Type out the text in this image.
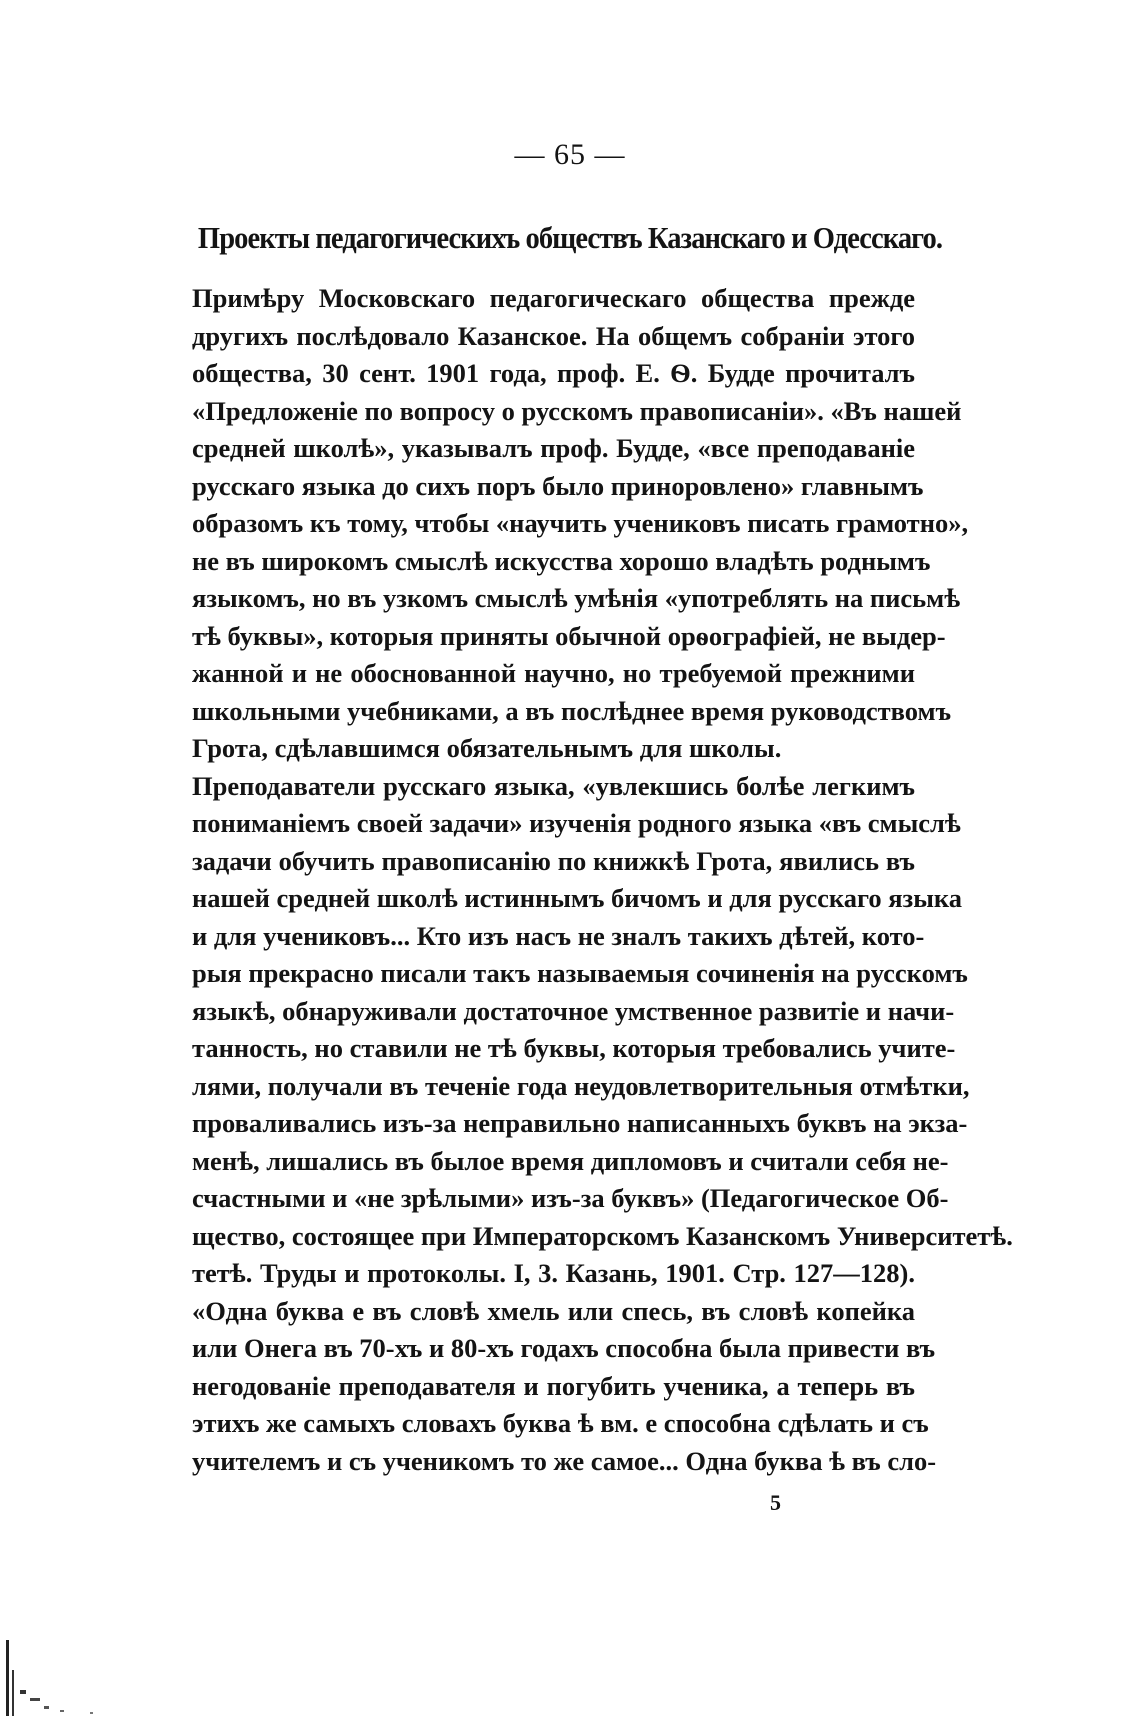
— 65 —
Проекты педагогическихъ обществъ Казанскаго и Одесскаго.

Примѣру Московскаго педагогическаго общества прежде
другихъ послѣдовало Казанское. На общемъ собраніи этого
общества, 30 сент. 1901 года, проф. Е. Ѳ. Будде прочиталъ
«Предложеніе по вопросу о русскомъ правописаніи». «Въ нашей
средней школѣ», указывалъ проф. Будде, «все преподаваніе
русскаго языка до сихъ поръ было приноровлено» главнымъ
образомъ къ тому, чтобы «научить учениковъ писать грамотно»,
не въ широкомъ смыслѣ искусства хорошо владѣть роднымъ
языкомъ, но въ узкомъ смыслѣ умѣнія «употреблять на письмѣ
тѣ буквы», которыя приняты обычной орѳографіей, не выдер-
жанной и не обоснованной научно, но требуемой прежними
школьными учебниками, а въ послѣднее время руководствомъ
Грота, сдѣлавшимся обязательнымъ для школы.

Преподаватели русскаго языка, «увлекшись болѣе легкимъ
пониманіемъ своей задачи» изученія родного языка «въ смыслѣ
задачи обучить правописанію по книжкѣ Грота, явились въ
нашей средней школѣ истиннымъ бичомъ и для русскаго языка
и для учениковъ... Кто изъ насъ не зналъ такихъ дѣтей, кото-
рыя прекрасно писали такъ называемыя сочиненія на русскомъ
языкѣ, обнаруживали достаточное умственное развитіе и начи-
танность, но ставили не тѣ буквы, которыя требовались учите-
лями, получали въ теченіе года неудовлетворительныя отмѣтки,
проваливались изъ-за неправильно написанныхъ буквъ на экза-
менѣ, лишались въ былое время дипломовъ и считали себя не-
счастными и «не зрѣлыми» изъ-за буквъ» (Педагогическое Об-
щество, состоящее при Императорскомъ Казанскомъ Университетѣ.
тетѣ. Труды и протоколы. I, 3. Казань, 1901. Стр. 127—128).

«Одна буква е въ словѣ хмель или спесь, въ словѣ копейка
или Онега въ 70-хъ и 80-хъ годахъ способна была привести въ
негодованіе преподавателя и погубить ученика, а теперь въ
этихъ же самыхъ словахъ буква ѣ вм. е способна сдѣлать и съ
учителемъ и съ ученикомъ то же самое... Одна буква ѣ въ сло-

5
